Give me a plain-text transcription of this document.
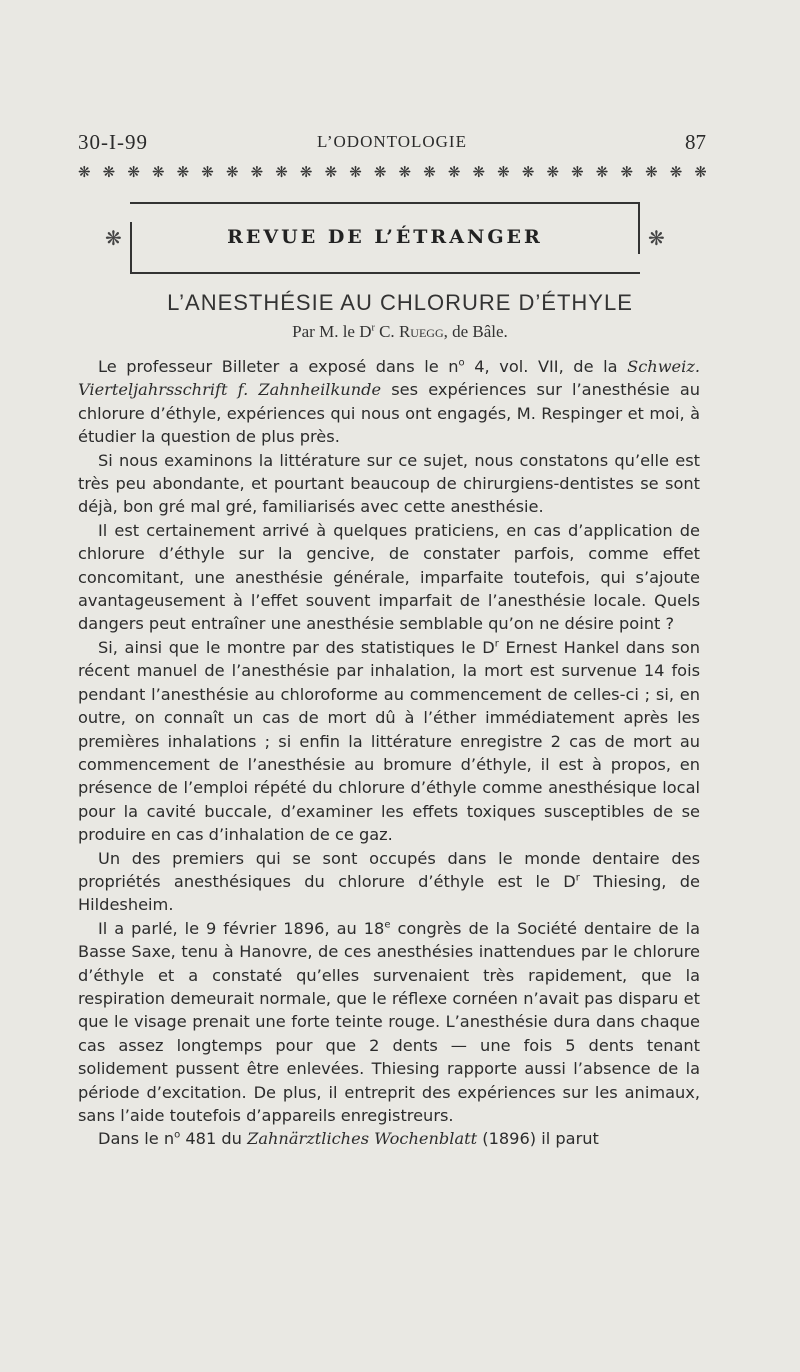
30-I-99	L’ODONTOLOGIE	87
❋ ❋ ❋ ❋ ❋ ❋ ❋ ❋ ❋ ❋ ❋ ❋ ❋ ❋ ❋ ❋ ❋ ❋ ❋ ❋ ❋ ❋ ❋ ❋ ❋ ❋
❋	REVUE DE L’ÉTRANGER	❋
L’ANESTHÉSIE AU CHLORURE D’ÉTHYLE
Par M. le $D^r$ C. Ruegg, de Bâle.

Le professeur Billeter a exposé dans le $n^o$ 4, vol. VII, de la Schweiz. Vierteljahrsschrift f. Zahnheilkunde ses expériences sur l’anesthésie au chlorure d’éthyle, expériences qui nous ont engagés, M. Respinger et moi, à étudier la question de plus près.

Si nous examinons la littérature sur ce sujet, nous constatons qu’elle est très peu abondante, et pourtant beaucoup de chirurgiens-dentistes se sont déjà, bon gré mal gré, familiarisés avec cette anesthésie.

Il est certainement arrivé à quelques praticiens, en cas d’application de chlorure d’éthyle sur la gencive, de constater parfois, comme effet concomitant, une anesthésie générale, imparfaite toutefois, qui s’ajoute avantageusement à l’effet souvent imparfait de l’anesthésie locale. Quels dangers peut entraîner une anesthésie semblable qu’on ne désire point ?

Si, ainsi que le montre par des statistiques le $D^r$ Ernest Hankel dans son récent manuel de l’anesthésie par inhalation, la mort est survenue 14 fois pendant l’anesthésie au chloroforme au commencement de celles-ci ; si, en outre, on connaît un cas de mort dû à l’éther immédiatement après les premières inhalations ; si enfin la littérature enregistre 2 cas de mort au commencement de l’anesthésie au bromure d’éthyle, il est à propos, en présence de l’emploi répété du chlorure d’éthyle comme anesthésique local pour la cavité buccale, d’examiner les effets toxiques susceptibles de se produire en cas d’inhalation de ce gaz.

Un des premiers qui se sont occupés dans le monde dentaire des propriétés anesthésiques du chlorure d’éthyle est le $D^r$ Thiesing, de Hildesheim.

Il a parlé, le 9 février 1896, au 18e congrès de la Société dentaire de la Basse Saxe, tenu à Hanovre, de ces anesthésies inattendues par le chlorure d’éthyle et a constaté qu’elles survenaient très rapidement, que la respiration demeurait normale, que le réflexe cornéen n’avait pas disparu et que le visage prenait une forte teinte rouge. L’anesthésie dura dans chaque cas assez longtemps pour que 2 dents — une fois 5 dents tenant solidement pussent être enlevées. Thiesing rapporte aussi l’absence de la période d’excitation. De plus, il entreprit des expériences sur les animaux, sans l’aide toutefois d’appareils enregistreurs.

Dans le $n^o$ 481 du Zahnärztliches Wochenblatt (1896) il parut
